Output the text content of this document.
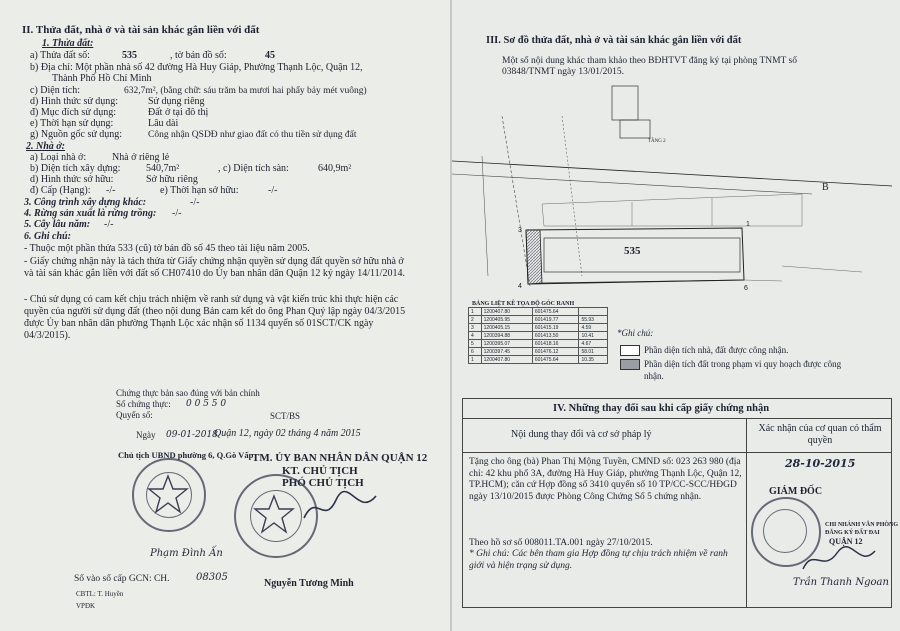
II. Thửa đất, nhà ở và tài sản khác gắn liền với đất
1. Thửa đất:
a) Thửa đất số:	535	, tờ bản đồ số:	45
b) Địa chỉ: Một phần nhà số 42 đường Hà Huy Giáp, Phường Thạnh Lộc, Quận 12,
Thành Phố Hồ Chí Minh
c) Diện tích:	632,7m², (bằng chữ: sáu trăm ba mươi hai phẩy bảy mét vuông)
d) Hình thức sử dụng:	Sử dụng riêng
đ) Mục đích sử dụng:	Đất ở tại đô thị
e) Thời hạn sử dụng:	Lâu dài
g) Nguồn gốc sử dụng:	Công nhận QSDĐ như giao đất có thu tiền sử dụng đất
2. Nhà ở:
a) Loại nhà ở:	Nhà ở riêng lẻ
b) Diện tích xây dựng:	540,7m²	, c) Diện tích sàn:	640,9m²
d) Hình thức sở hữu:	Sở hữu riêng
đ) Cấp (Hạng): -/-	e) Thời hạn sở hữu:	-/-
3. Công trình xây dựng khác:	-/-
4. Rừng sản xuất là rừng trồng: -/-
5. Cây lâu năm: -/-
6. Ghi chú:
- Thuộc một phần thửa 533 (cũ) tờ bản đồ số 45 theo tài liệu năm 2005.
- Giấy chứng nhận này là tách thửa từ Giấy chứng nhận quyền sử dụng đất quyền sở hữu nhà ở và tài sản khác gắn liền với đất số CH07410 do Ủy ban nhân dân Quận 12 ký ngày 14/11/2014.
- Chủ sử dụng có cam kết chịu trách nhiệm về ranh sử dụng và vật kiến trúc khi thực hiện các quyền của người sử dụng đất (theo nội dung Bản cam kết do ông Phan Quý lập ngày 04/3/2015 được Ủy ban nhân dân phường Thạnh Lộc xác nhận số 1134 quyển số 01SCT/CK ngày 04/3/2015).
Chứng thực bản sao đúng với bản chính
Số chứng thực: 0 0 5 5 0
Quyển số:	SCT/BS
Ngày 09-01-2018
Quận 12, ngày 02 tháng 4 năm 2015
Chủ tịch UBND phường 6, Q.Gò Vấp
TM. ỦY BAN NHÂN DÂN QUẬN 12
KT. CHỦ TỊCH
PHÓ CHỦ TỊCH
Phạm Đình Ấn
Nguyễn Tương Minh
Số vào sổ cấp GCN: CH.	08305
CBTL: T. Huyền
VPĐK
III. Sơ đồ thửa đất, nhà ở và tài sản khác gắn liền với đất
Một số nội dung khác tham khảo theo BĐHTVT đăng ký tại phòng TNMT số
03848/TNMT ngày 13/01/2015.
3
4
1
6
535
TẦNG 2
B
BẢNG LIỆT KÊ TỌA ĐỘ GÓC RANH
1	1200407.80	601475.64	
2	1200405.95	601419.77	55.93
3	1200405.15	601415.19	4.59
4	1200394.88	601413.50	10.41
5	1200395.07	601418.16	4.67
6	1200397.45	601476.12	58.01
1	1200407.80	601475.64	10.35
*Ghi chú:
Phần diện tích nhà, đất được công nhận.
Phần diện tích đất trong phạm vi quy hoạch được công nhận.
IV. Những thay đổi sau khi cấp giấy chứng nhận
Nội dung thay đổi và cơ sở pháp lý
Xác nhận của cơ quan có thẩm quyền
Tặng cho ông (bà) Phan Thị Mộng Tuyền, CMND số: 023 263 980 (địa chỉ: 42 khu phố 3A, đường Hà Huy Giáp, phường Thạnh Lộc, Quận 12, TP.HCM); căn cứ Hợp đồng số 3410 quyển số 10 TP/CC-SCC/HĐGD ngày 13/10/2015 được Phòng Công Chứng Số 5 chứng nhận.
Theo hồ sơ số 008011.TA.001 ngày 27/10/2015.
* Ghi chú: Các bên tham gia Hợp đồng tự chịu trách nhiệm về ranh giới và hiện trạng sử dụng.
28-10-2015
GIÁM ĐỐC
CHI NHÁNH VĂN PHÒNG
ĐĂNG KÝ ĐẤT ĐAI
QUẬN 12
Trần Thanh Ngoan
